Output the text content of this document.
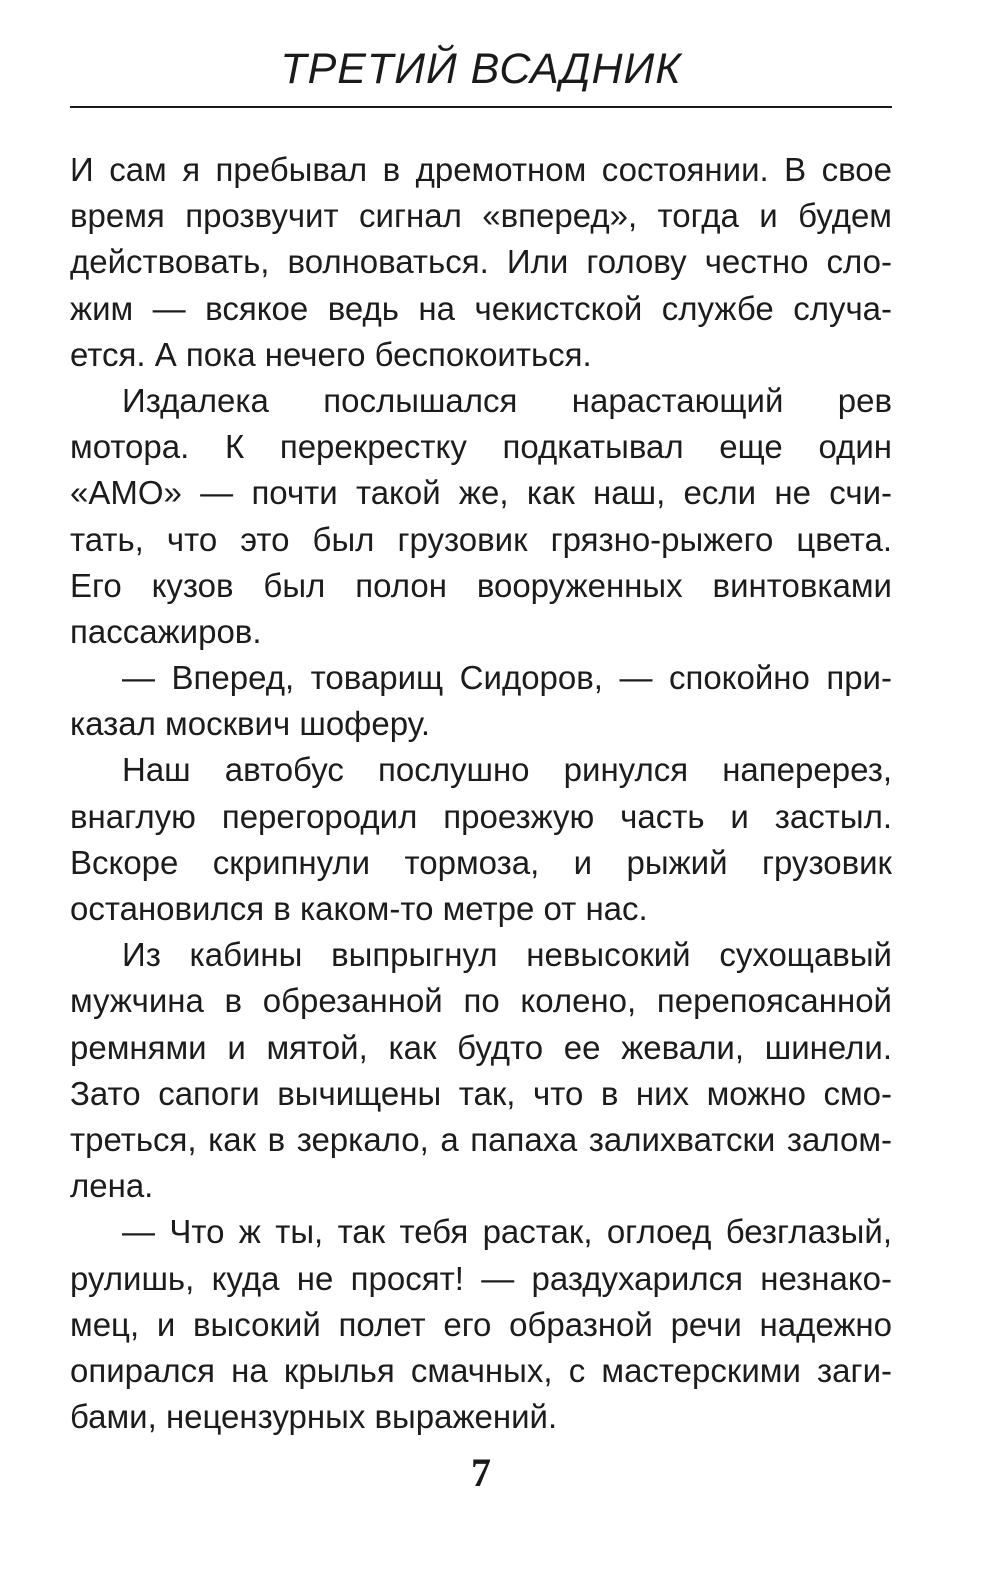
ТРЕТИЙ ВСАДНИК
И сам я пребывал в дремотном состоянии. В свое
время прозвучит сигнал «вперед», тогда и будем
действовать, волноваться. Или голову честно сло-
жим — всякое ведь на чекистской службе случа-
ется. А пока нечего беспокоиться.
Издалека послышался нарастающий рев
мотора. К перекрестку подкатывал еще один
«АМО» — почти такой же, как наш, если не счи-
тать, что это был грузовик грязно-рыжего цвета.
Его кузов был полон вооруженных винтовками
пассажиров.
— Вперед, товарищ Сидоров, — спокойно при-
казал москвич шоферу.
Наш автобус послушно ринулся наперерез,
внаглую перегородил проезжую часть и застыл.
Вскоре скрипнули тормоза, и рыжий грузовик
остановился в каком-то метре от нас.
Из кабины выпрыгнул невысокий сухощавый
мужчина в обрезанной по колено, перепоясанной
ремнями и мятой, как будто ее жевали, шинели.
Зато сапоги вычищены так, что в них можно смо-
треться, как в зеркало, а папаха залихватски залом-
лена.
— Что ж ты, так тебя растак, оглоед безглазый,
рулишь, куда не просят! — раздухарился незнако-
мец, и высокий полет его образной речи надежно
опирался на крылья смачных, с мастерскими заги-
бами, нецензурных выражений.
7
